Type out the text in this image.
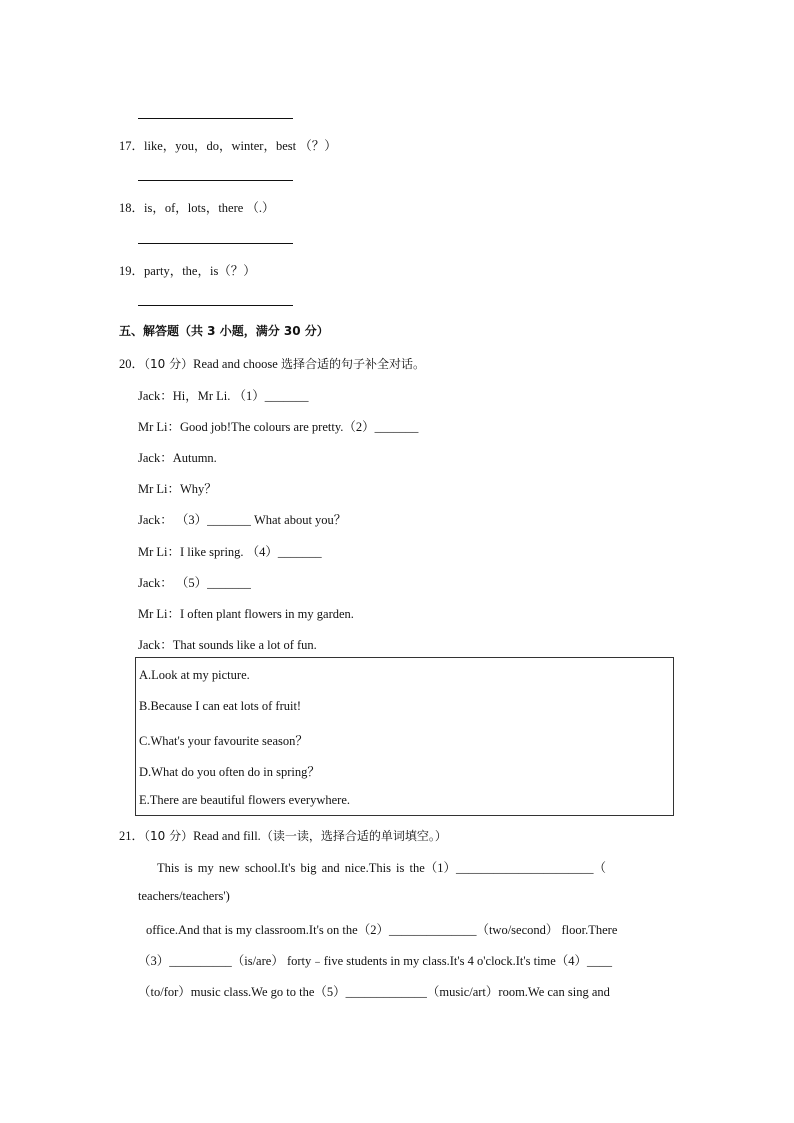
17．like，you，do，winter，best （？）
18．is，of，lots，there （.）
19．party，the，is（？）
五、解答题（共 3 小题，满分 30 分）
20．（10 分）Read and choose 选择合适的句子补全对话。
Jack：Hi，Mr Li. （1）_______
Mr Li：Good job!The colours are pretty.（2）_______
Jack：Autumn.
Mr Li：Why？
Jack： （3）_______ What about you？
Mr Li：I like spring. （4）_______
Jack： （5）_______
Mr Li：I often plant flowers in my garden.
Jack：That sounds like a lot of fun.
A.Look at my picture.
B.Because I can eat lots of fruit!
C.What's your favourite season？
D.What do you often do in spring？
E.There are beautiful flowers everywhere.
21．（10 分）Read and fill.（读一读，选择合适的单词填空。）
This is my new school.It's big and nice.This is the（1）______________________（
teachers/teachers')
office.And that is my classroom.It's on the（2）______________（two/second） floor.There
（3）__________（is/are） forty﹣five students in my class.It's 4 o'clock.It's time（4）____
（to/for）music class.We go to the（5）_____________（music/art）room.We can sing and
